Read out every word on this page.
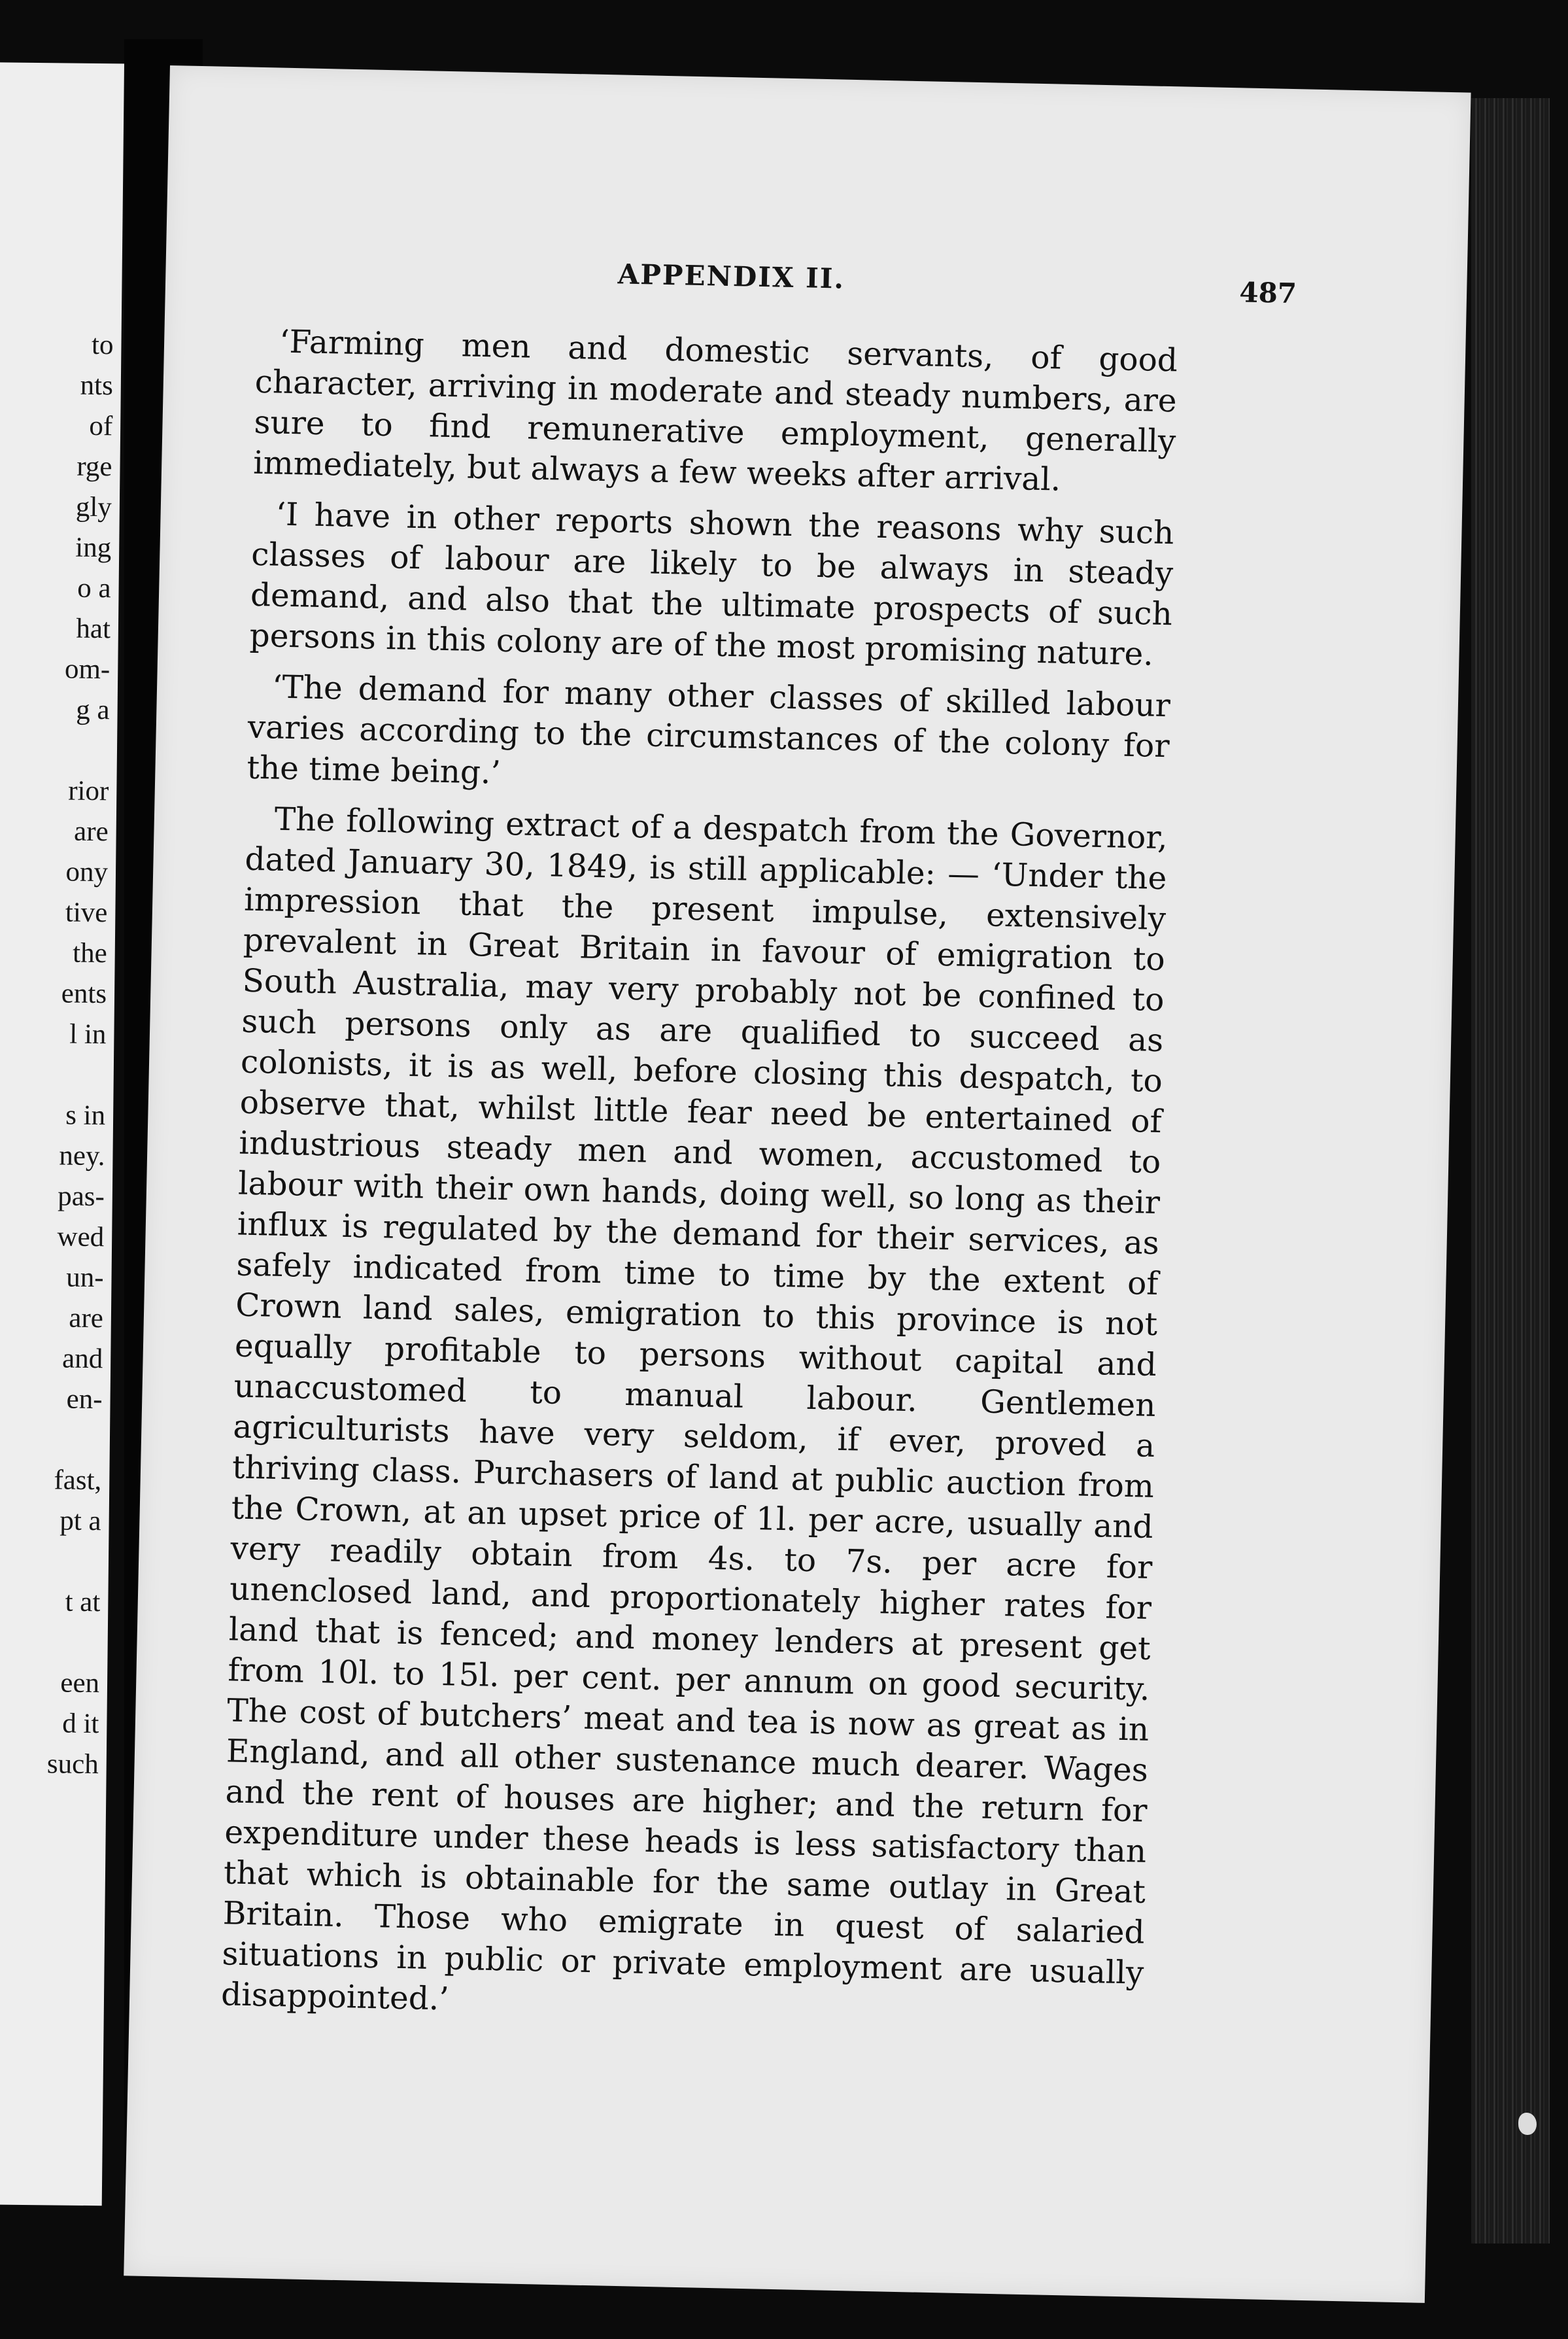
to
nts
of
rge
gly
ing
o a
hat
om-
g a
rior
are
ony
tive
the
ents
l in
s in
ney.
pas-
wed
un-
are
and
en-
fast,
pt a
t at
een
d it
such
APPENDIX II.	487

‘Farming men and domestic servants, of good character, arriving in moderate and steady numbers, are sure to find remunerative employment, generally immediately, but always a few weeks after arrival.

‘I have in other reports shown the reasons why such classes of labour are likely to be always in steady demand, and also that the ultimate prospects of such persons in this colony are of the most promising nature.

‘The demand for many other classes of skilled labour varies according to the circumstances of the colony for the time being.’

The following extract of a despatch from the Governor, dated January 30, 1849, is still applicable: — ‘Under the impression that the present impulse, extensively prevalent in Great Britain in favour of emigration to South Australia, may very probably not be confined to such persons only as are qualified to succeed as colonists, it is as well, before closing this despatch, to observe that, whilst little fear need be entertained of industrious steady men and women, accustomed to labour with their own hands, doing well, so long as their influx is regulated by the demand for their services, as safely indicated from time to time by the extent of Crown land sales, emigration to this province is not equally profitable to persons without capital and unaccustomed to manual labour. Gentlemen agriculturists have very seldom, if ever, proved a thriving class. Purchasers of land at public auction from the Crown, at an upset price of 1l. per acre, usually and very readily obtain from 4s. to 7s. per acre for unenclosed land, and proportionately higher rates for land that is fenced; and money lenders at present get from 10l. to 15l. per cent. per annum on good security. The cost of butchers’ meat and tea is now as great as in England, and all other sustenance much dearer. Wages and the rent of houses are higher; and the return for expenditure under these heads is less satisfactory than that which is obtainable for the same outlay in Great Britain. Those who emigrate in quest of salaried situations in public or private employment are usually disappointed.’
